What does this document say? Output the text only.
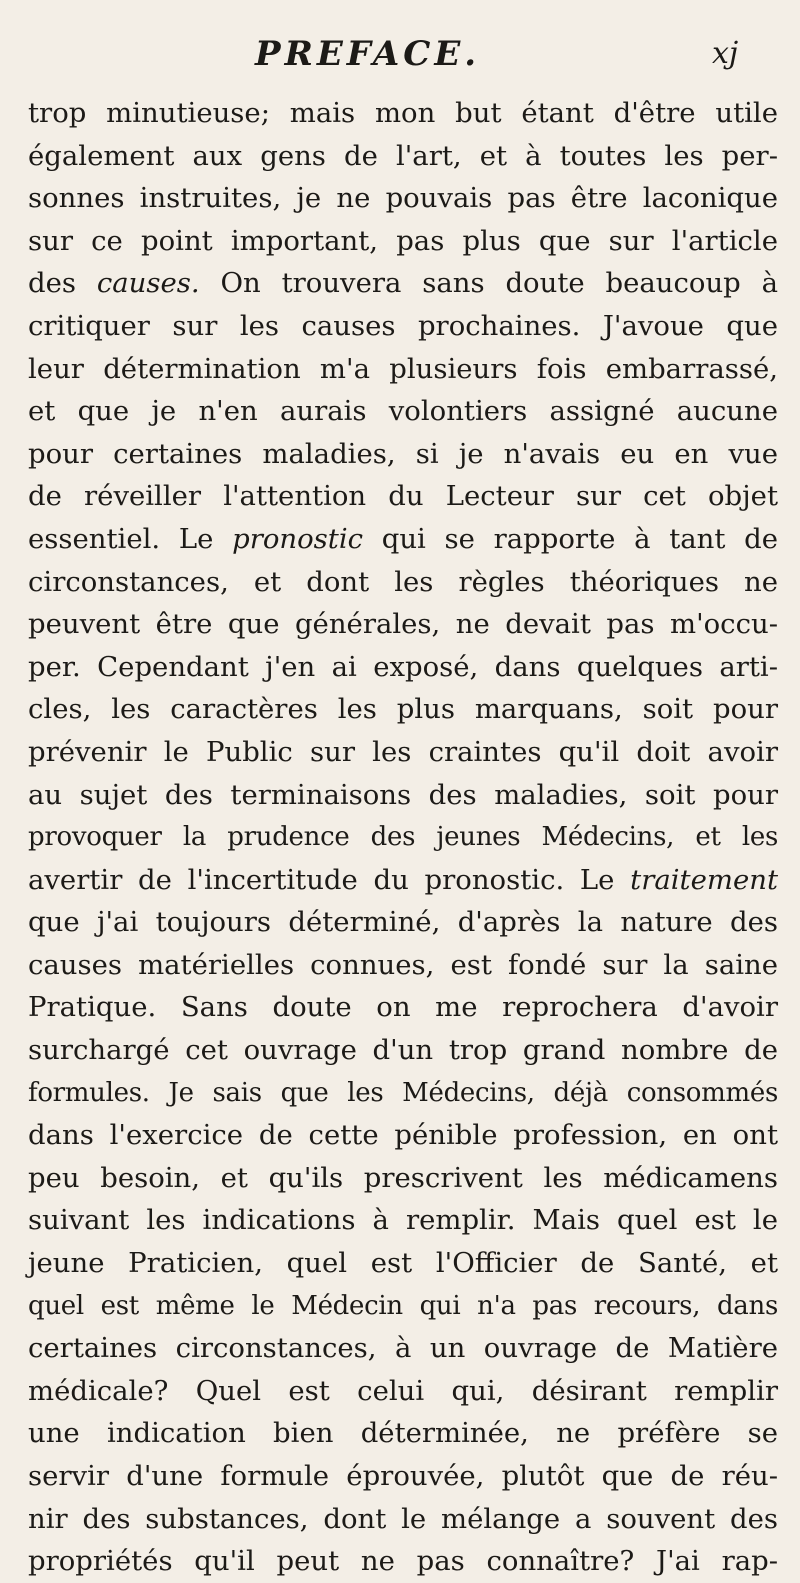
PREFACE.	xj
trop minutieuse; mais mon but étant d'être utile
également aux gens de l'art, et à toutes les per-
sonnes instruites, je ne pouvais pas être laconique
sur ce point important, pas plus que sur l'article
des causes. On trouvera sans doute beaucoup à
critiquer sur les causes prochaines. J'avoue que
leur détermination m'a plusieurs fois embarrassé,
et que je n'en aurais volontiers assigné aucune
pour certaines maladies, si je n'avais eu en vue
de réveiller l'attention du Lecteur sur cet objet
essentiel. Le pronostic qui se rapporte à tant de
circonstances, et dont les règles théoriques ne
peuvent être que générales, ne devait pas m'occu-
per. Cependant j'en ai exposé, dans quelques arti-
cles, les caractères les plus marquans, soit pour
prévenir le Public sur les craintes qu'il doit avoir
au sujet des terminaisons des maladies, soit pour
provoquer la prudence des jeunes Médecins, et les
avertir de l'incertitude du pronostic. Le traitement
que j'ai toujours déterminé, d'après la nature des
causes matérielles connues, est fondé sur la saine
Pratique. Sans doute on me reprochera d'avoir
surchargé cet ouvrage d'un trop grand nombre de
formules. Je sais que les Médecins, déjà consommés
dans l'exercice de cette pénible profession, en ont
peu besoin, et qu'ils prescrivent les médicamens
suivant les indications à remplir. Mais quel est le
jeune Praticien, quel est l'Officier de Santé, et
quel est même le Médecin qui n'a pas recours, dans
certaines circonstances, à un ouvrage de Matière
médicale? Quel est celui qui, désirant remplir
une indication bien déterminée, ne préfère se
servir d'une formule éprouvée, plutôt que de réu-
nir des substances, dont le mélange a souvent des
propriétés qu'il peut ne pas connaître? J'ai rap-
